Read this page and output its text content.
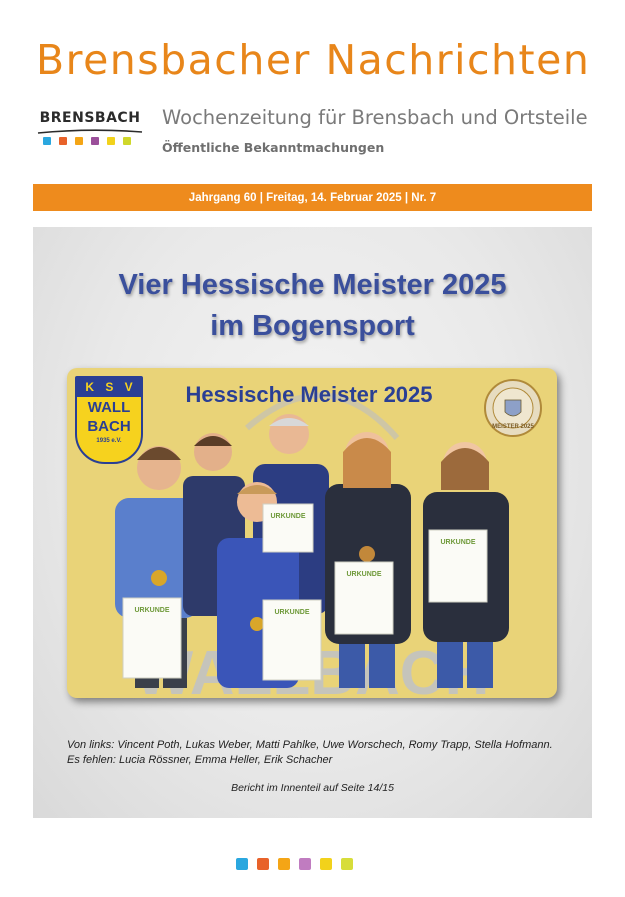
Brensbacher Nachrichten
BRENSBACH Wochenzeitung für Brensbach und Ortsteile
Öffentliche Bekanntmachungen
Jahrgang 60 | Freitag, 14. Februar 2025 | Nr. 7
Vier Hessische Meister 2025
im Bogensport
URKUNDE	URKUNDE
URKUNDE
URKUNDE
URKUNDE
K S V
WALL
BACH
1935 e.V.
Hessische Meister 2025
MEISTER 2025
Von links: Vincent Poth, Lukas Weber, Matti Pahlke, Uwe Worschech, Romy Trapp, Stella Hofmann. Es fehlen: Lucia Rössner, Emma Heller, Erik Schacher
Bericht im Innenteil auf Seite 14/15
